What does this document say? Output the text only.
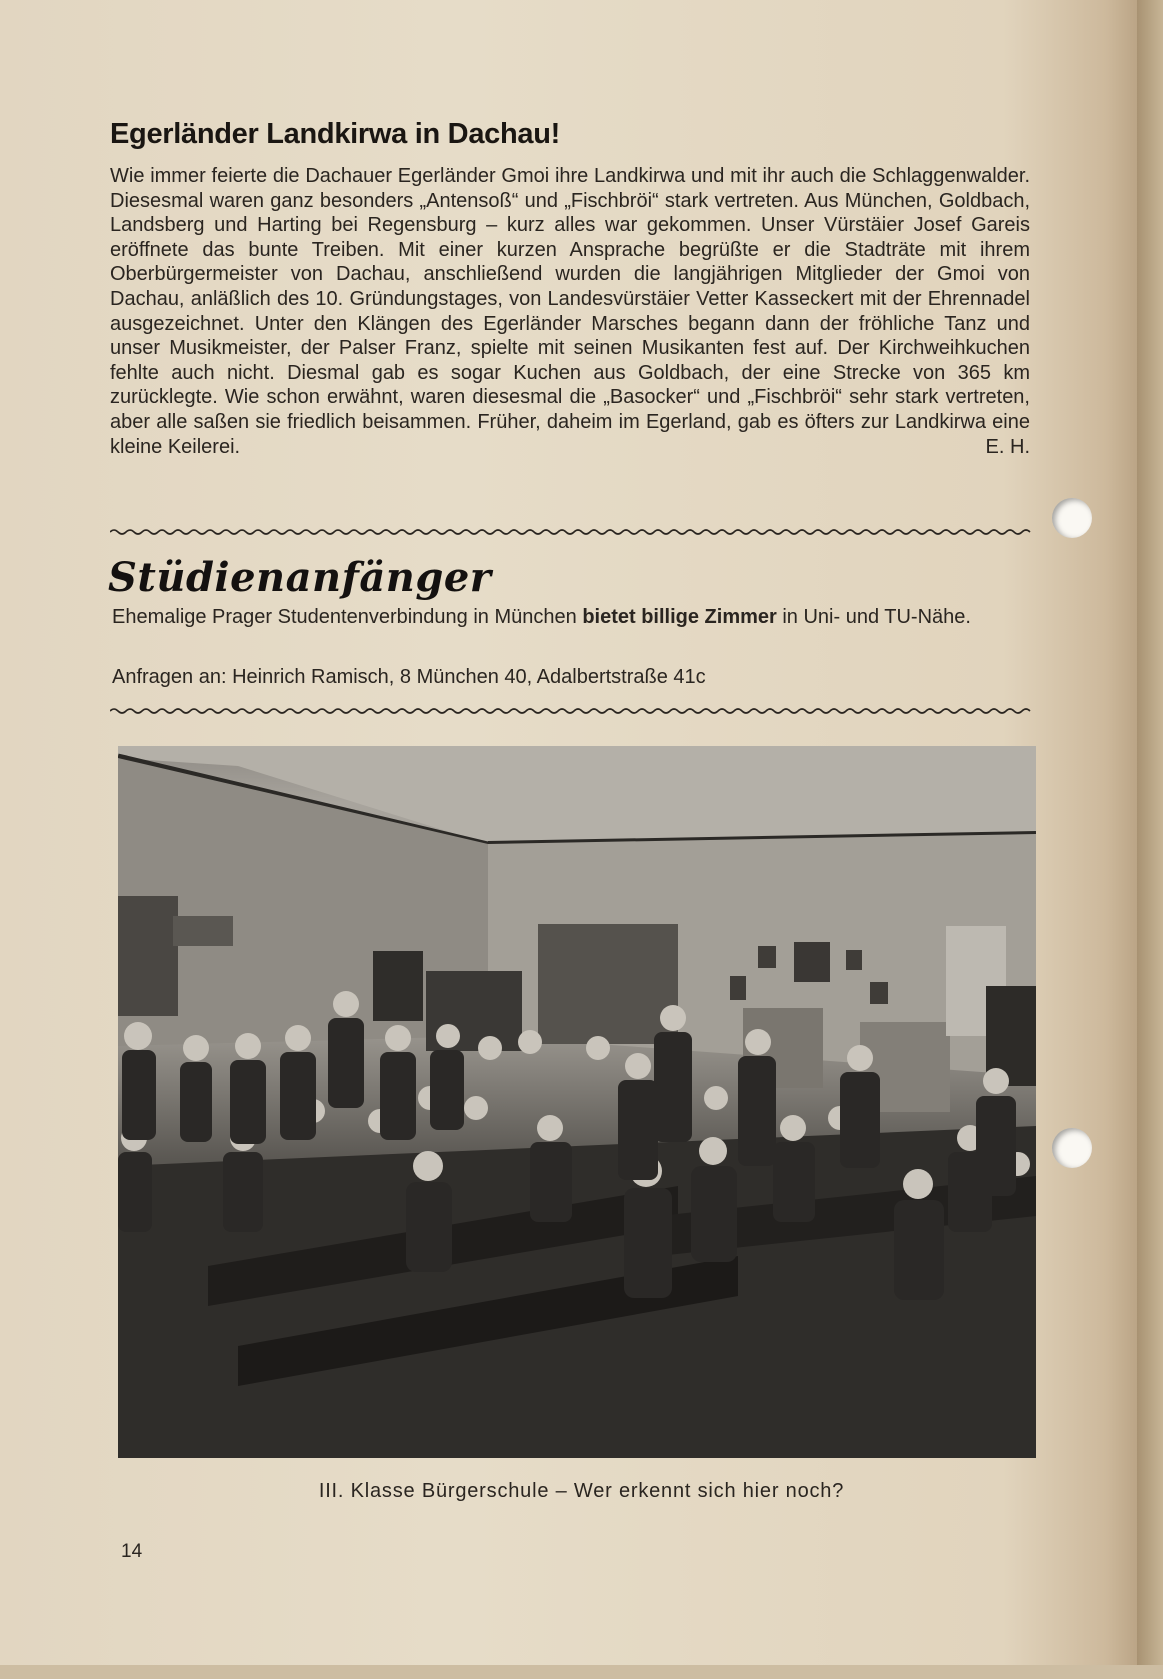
Egerländer Landkirwa in Dachau!
Wie immer feierte die Dachauer Egerländer Gmoi ihre Landkirwa und mit ihr auch die Schlaggenwalder. Diesesmal waren ganz besonders „Antensoß“ und „Fischbröi“ stark vertreten. Aus München, Goldbach, Landsberg und Harting bei Regensburg – kurz alles war gekommen. Unser Vürstäier Josef Gareis eröffnete das bunte Treiben. Mit einer kurzen Ansprache begrüßte er die Stadträte mit ihrem Oberbürgermeister von Dachau, anschließend wurden die langjährigen Mitglieder der Gmoi von Dachau, anläßlich des 10. Gründungstages, von Landesvürstäier Vetter Kasseckert mit der Ehrennadel ausgezeichnet. Unter den Klängen des Egerländer Marsches begann dann der fröhliche Tanz und unser Musikmeister, der Palser Franz, spielte mit seinen Musikanten fest auf. Der Kirchweihkuchen fehlte auch nicht. Diesmal gab es sogar Kuchen aus Goldbach, der eine Strecke von 365 km zurücklegte. Wie schon erwähnt, waren diesesmal die „Basocker“ und „Fischbröi“ sehr stark vertreten, aber alle saßen sie friedlich beisammen. Früher, daheim im Egerland, gab es öfters zur Landkirwa eine kleine Keilerei.	E. H.
Stüdienanfänger
Ehemalige Prager Studentenverbindung in München bietet billige Zimmer in Uni- und TU-Nähe.
Anfragen an: Heinrich Ramisch, 8 München 40, Adalbertstraße 41c
III. Klasse Bürgerschule – Wer erkennt sich hier noch?
14
